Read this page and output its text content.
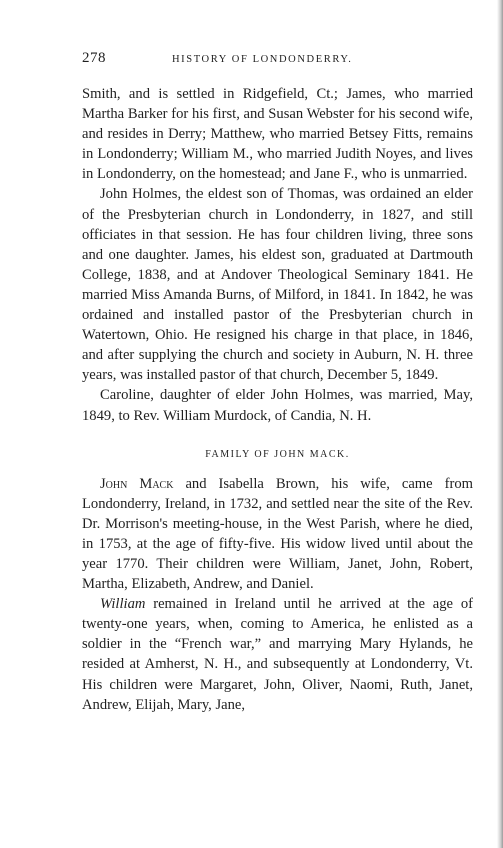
278	HISTORY OF LONDONDERRY.

Smith, and is settled in Ridgefield, Ct.; James, who married Martha Barker for his first, and Susan Webster for his second wife, and resides in Derry; Matthew, who married Betsey Fitts, remains in Londonderry; William M., who married Judith Noyes, and lives in Londonderry, on the homestead; and Jane F., who is unmarried.

John Holmes, the eldest son of Thomas, was ordained an elder of the Presbyterian church in Londonderry, in 1827, and still officiates in that session. He has four children living, three sons and one daughter. James, his eldest son, graduated at Dartmouth College, 1838, and at Andover Theological Seminary 1841. He married Miss Amanda Burns, of Milford, in 1841. In 1842, he was ordained and installed pastor of the Presbyterian church in Watertown, Ohio. He resigned his charge in that place, in 1846, and after supplying the church and society in Auburn, N. H. three years, was installed pastor of that church, December 5, 1849.

Caroline, daughter of elder John Holmes, was married, May, 1849, to Rev. William Murdock, of Candia, N. H.

FAMILY OF JOHN MACK.

John Mack and Isabella Brown, his wife, came from Londonderry, Ireland, in 1732, and settled near the site of the Rev. Dr. Morrison's meeting-house, in the West Parish, where he died, in 1753, at the age of fifty-five. His widow lived until about the year 1770. Their children were William, Janet, John, Robert, Martha, Elizabeth, Andrew, and Daniel.

William remained in Ireland until he arrived at the age of twenty-one years, when, coming to America, he enlisted as a soldier in the “French war,” and marrying Mary Hylands, he resided at Amherst, N. H., and subsequently at Londonderry, Vt. His children were Margaret, John, Oliver, Naomi, Ruth, Janet, Andrew, Elijah, Mary, Jane,
